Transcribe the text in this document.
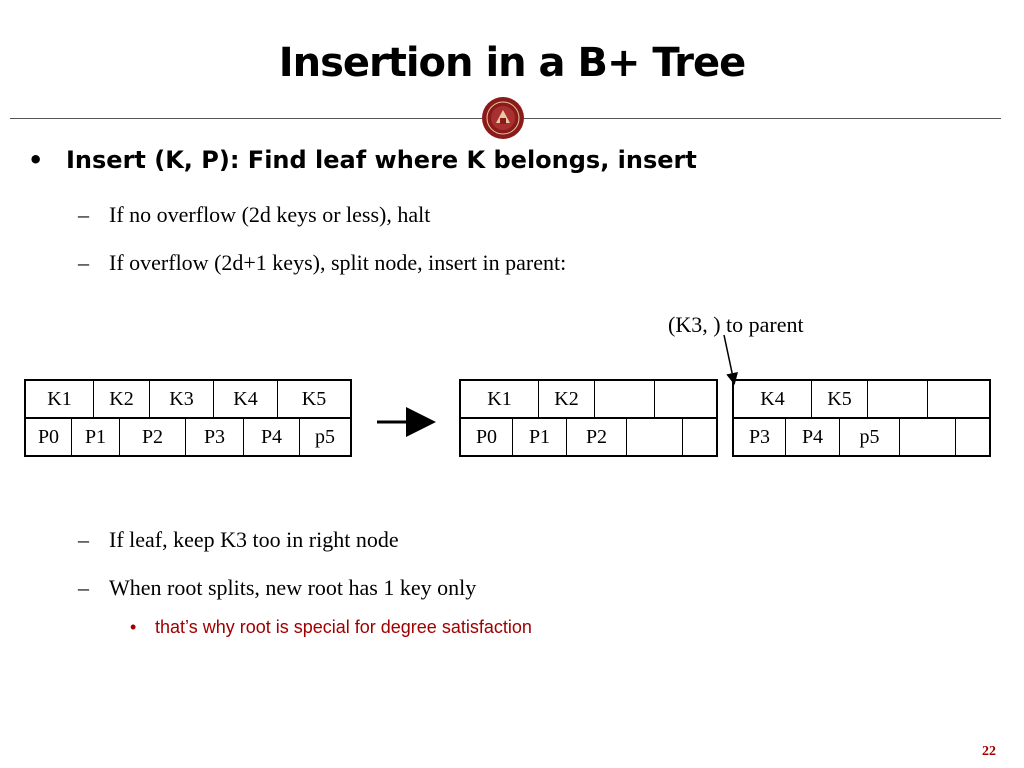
Insertion in a B+ Tree
• Insert (K, P): Find leaf where K belongs, insert
– If no overflow (2d keys or less), halt
– If overflow (2d+1 keys), split node, insert in parent:
(K3, ) to parent
K1	K2	K3	K4	K5
P0	P1	P2	P3	P4	p5
K1	K2
P0	P1	P2
K4	K5
P3	P4	p5
– If leaf, keep K3 too in right node
– When root splits, new root has 1 key only
• that’s why root is special for degree satisfaction
22
